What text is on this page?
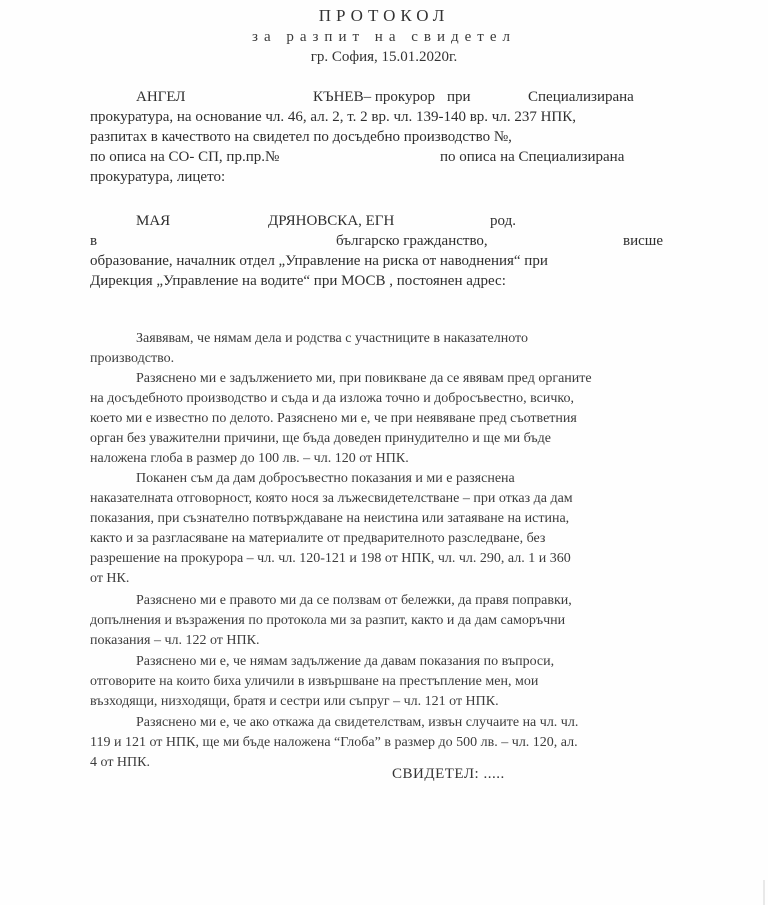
ПРОТОКОЛ
за разпит на свидетел
гр. София, 15.01.2020г.
АНГЕЛ	КЪНЕВ– прокурор при	Специализирана
прокуратура, на основание чл. 46, ал. 2, т. 2 вр. чл. 139-140 вр. чл. 237 НПК,
разпитах в качеството на свидетел по досъдебно производство №,
по описа на СО- СП, пр.пр.№	по описа на Специализирана
прокуратура, лицето:
МАЯ	ДРЯНОВСКА, ЕГН	род.
в	българско гражданство,	висше
образование, началник отдел „Управление на риска от наводнения“ при
Дирекция „Управление на водите“ при МОСВ , постоянен адрес:
Заявявам, че нямам дела и родства с участниците в наказателното
производство.
Разяснено ми е задължението ми, при повикване да се явявам пред органите
на досъдебното производство и съда и да изложа точно и добросъвестно, всичко,
което ми е известно по делото. Разяснено ми е, че при неявяване пред съответния
орган без уважителни причини, ще бъда доведен принудително и ще ми бъде
наложена глоба в размер до 100 лв. – чл. 120 от НПК.
Поканен съм да дам добросъвестно показания и ми е разяснена
наказателната отговорност, която нося за лъжесвидетелстване – при отказ да дам
показания, при съзнателно потвърждаване на неистина или затаяване на истина,
както и за разгласяване на материалите от предварителното разследване, без
разрешение на прокурора – чл. чл. 120-121 и 198 от НПК, чл. чл. 290, ал. 1 и 360
от НК.
Разяснено ми е правото ми да се ползвам от бележки, да правя поправки,
допълнения и възражения по протокола ми за разпит, както и да дам саморъчни
показания – чл. 122 от НПК.
Разяснено ми е, че нямам задължение да давам показания по въпроси,
отговорите на които биха уличили в извършване на престъпление мен, мои
възходящи, низходящи, братя и сестри или съпруг – чл. 121 от НПК.
Разяснено ми е, че ако откажа да свидетелствам, извън случаите на чл. чл.
119 и 121 от НПК, ще ми бъде наложена “Глоба” в размер до 500 лв. – чл. 120, ал.
4 от НПК.
СВИДЕТЕЛ: .....
